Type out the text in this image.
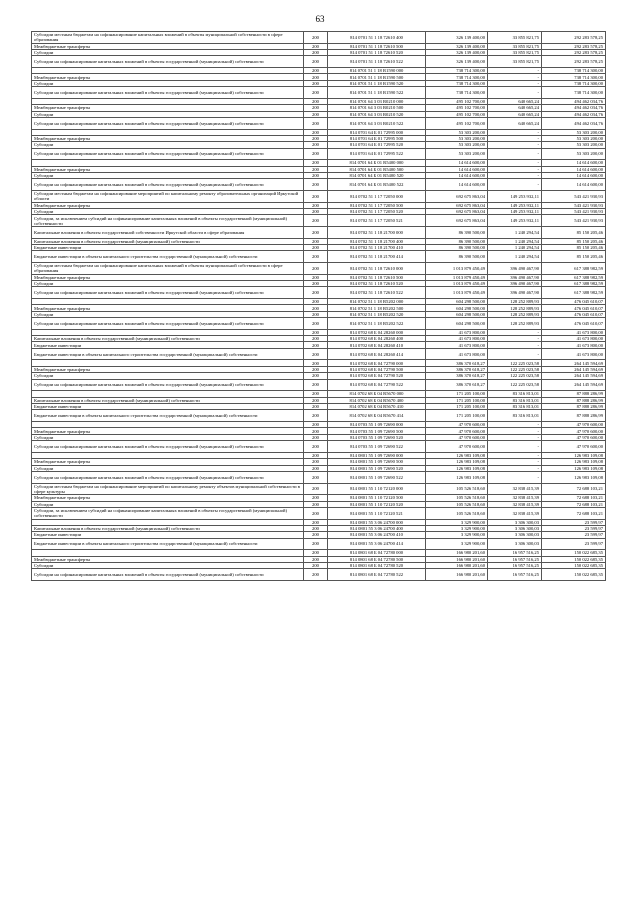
63
Субсидии местным бюджетам на софинансирование капитальных вложений в объекты муниципальной собственности в сфере образования	200	814 0701 51 1 18 72610 400	326 139 400,00	33 855 821,75	292 283 578,25
Межбюджетные трансферты	200	814 0701 51 1 18 72610 500	326 139 400,00	33 855 821,75	292 283 578,25
Субсидии	200	814 0701 51 1 18 72610 520	326 139 400,00	33 855 821,75	292 283 578,25
Субсидии на софинансирование капитальных вложений в объекты государственной (муниципальной) собственности	200	814 0701 51 1 18 72610 522	326 139 400,00	33 855 821,75	292 283 578,25
	200	814 0701 51 1 18 R1590 000	738 714 300,00	-	738 714 300,00
Межбюджетные трансферты	200	814 0701 51 1 18 R1590 500	738 714 300,00	-	738 714 300,00
Субсидии	200	814 0701 51 1 18 R1590 520	738 714 300,00	-	738 714 300,00
Субсидии на софинансирование капитальных вложений в объекты государственной (муниципальной) собственности	200	814 0701 51 1 18 R1590 522	738 714 300,00	-	738 714 300,00
	200	814 0701 64 3 03 R0210 000	495 102 700,00	640 665,24	494 462 034,76
Межбюджетные трансферты	200	814 0701 64 3 03 R0210 500	495 102 700,00	640 665,24	494 462 034,76
Субсидии	200	814 0701 64 3 03 R0210 520	495 102 700,00	640 665,24	494 462 034,76
Субсидии на софинансирование капитальных вложений в объекты государственной (муниципальной) собственности	200	814 0701 64 3 03 R0210 522	495 102 700,00	640 665,24	494 462 034,76
	200	814 0701 64 Б 01 72995 000	53 303 200,00	-	53 303 200,00
Межбюджетные трансферты	200	814 0701 64 Б 01 72995 500	53 303 200,00	-	53 303 200,00
Субсидии	200	814 0701 64 Б 01 72995 520	53 303 200,00	-	53 303 200,00
Субсидии на софинансирование капитальных вложений в объекты государственной (муниципальной) собственности	200	814 0701 64 Б 01 72995 522	53 303 200,00	-	53 303 200,00
	200	814 0701 64 Б 01 R5400 000	14 614 600,00	-	14 614 600,00
Межбюджетные трансферты	200	814 0701 64 Б 01 R5400 500	14 614 600,00	-	14 614 600,00
Субсидии	200	814 0701 64 Б 01 R5400 520	14 614 600,00	-	14 614 600,00
Субсидии на софинансирование капитальных вложений в объекты государственной (муниципальной) собственности	200	814 0701 64 Б 01 R5400 522	14 614 600,00	-	14 614 600,00
Субсидии местным бюджетам на софинансирование мероприятий по капитальному ремонту образовательных организаций Иркутской области	200	814 0702 51 1 17 72050 000	692 675 863,04	149 253 932,11	543 421 930,93
Межбюджетные трансферты	200	814 0702 51 1 17 72050 500	692 675 863,04	149 253 932,11	543 421 930,93
Субсидии	200	814 0702 51 1 17 72050 520	692 675 863,04	149 253 932,11	543 421 930,93
Субсидии, за исключением субсидий на софинансирование капитальных вложений в объекты государственной (муниципальной) собственности	200	814 0702 51 1 17 72050 521	692 675 863,04	149 253 932,11	543 421 930,93
Капитальные вложения в объекты государственной собственности Иркутской области в сфере образования	200	814 0702 51 1 18 21700 000	86 390 500,00	1 240 294,54	85 150 205,46
Капитальные вложения в объекты государственной (муниципальной) собственности	200	814 0702 51 1 18 21700 400	86 390 500,00	1 240 294,54	85 150 205,46
Бюджетные инвестиции	200	814 0702 51 1 18 21700 410	86 390 500,00	1 240 294,54	85 150 205,46
Бюджетные инвестиции в объекты капитального строительства государственной (муниципальной) собственности	200	814 0702 51 1 18 21700 414	86 390 500,00	1 240 294,54	85 150 205,46
Субсидии местным бюджетам на софинансирование капитальных вложений в объекты муниципальной собственности в сфере образования	200	814 0702 51 1 18 72610 000	1 013 879 450,49	396 490 467,90	617 388 982,59
Межбюджетные трансферты	200	814 0702 51 1 18 72610 500	1 013 879 450,49	396 490 467,90	617 388 982,59
Субсидии	200	814 0702 51 1 18 72610 520	1 013 879 450,49	396 490 467,90	617 388 982,59
Субсидии на софинансирование капитальных вложений в объекты государственной (муниципальной) собственности	200	814 0702 51 1 18 72610 522	1 013 879 450,49	396 490 467,90	617 388 982,59
	200	814 0702 51 1 18 R5202 000	604 298 500,00	128 252 889,93	476 045 610,07
Межбюджетные трансферты	200	814 0702 51 1 18 R5202 500	604 298 500,00	128 252 889,93	476 045 610,07
Субсидии	200	814 0702 51 1 18 R5202 520	604 298 500,00	128 252 889,93	476 045 610,07
Субсидии на софинансирование капитальных вложений в объекты государственной (муниципальной) собственности	200	814 0702 51 1 18 R5202 522	604 298 500,00	128 252 889,93	476 045 610,07
	200	814 0702 68 Б 04 28260 000	41 673 800,00	-	41 673 800,00
Капитальные вложения в объекты государственной (муниципальной) собственности	200	814 0702 68 Б 04 28260 400	41 673 800,00	-	41 673 800,00
Бюджетные инвестиции	200	814 0702 68 Б 04 28260 410	41 673 800,00	-	41 673 800,00
Бюджетные инвестиции в объекты капитального строительства государственной (муниципальной) собственности	200	814 0702 68 Б 04 28260 414	41 673 800,00	-	41 673 800,00
	200	814 0702 68 Б 04 72790 000	386 370 618,27	122 225 023,58	264 145 594,69
Межбюджетные трансферты	200	814 0702 68 Б 04 72790 500	386 370 618,27	122 225 023,58	264 145 594,69
Субсидии	200	814 0702 68 Б 04 72790 520	386 370 618,27	122 225 023,58	264 145 594,69
Субсидии на софинансирование капитальных вложений в объекты государственной (муниципальной) собственности	200	814 0702 68 Б 04 72790 522	386 370 618,27	122 225 023,58	264 145 594,69
	200	814 0702 68 Б 04 R5670 000	171 205 100,00	83 316 813,01	87 888 286,99
Капитальные вложения в объекты государственной (муниципальной) собственности	200	814 0702 68 Б 04 R5670 400	171 205 100,00	83 316 813,01	87 888 286,99
Бюджетные инвестиции	200	814 0702 68 Б 04 R5670 410	171 205 100,00	83 316 813,01	87 888 286,99
Бюджетные инвестиции в объекты капитального строительства государственной (муниципальной) собственности	200	814 0702 68 Б 04 R5670 414	171 205 100,00	83 316 813,01	87 888 286,99
	200	814 0703 55 1 09 72690 000	47 970 600,00	-	47 970 600,00
Межбюджетные трансферты	200	814 0703 55 1 09 72690 500	47 970 600,00	-	47 970 600,00
Субсидии	200	814 0703 55 1 09 72690 520	47 970 600,00	-	47 970 600,00
Субсидии на софинансирование капитальных вложений в объекты государственной (муниципальной) собственности	200	814 0703 55 1 09 72690 522	47 970 600,00	-	47 970 600,00
	200	814 0801 55 1 09 72690 000	126 983 109,08	-	126 983 109,08
Межбюджетные трансферты	200	814 0801 55 1 09 72690 500	126 983 109,08	-	126 983 109,08
Субсидии	200	814 0801 55 1 09 72690 520	126 983 109,08	-	126 983 109,08
Субсидии на софинансирование капитальных вложений в объекты государственной (муниципальной) собственности	200	814 0801 55 1 09 72690 522	126 983 109,08	-	126 983 109,08
Субсидии местным бюджетам на софинансирование мероприятий по капитальному ремонту объектов муниципальной собственности в сфере культуры	200	814 0801 55 1 10 72120 000	105 526 518,60	32 838 415,39	72 688 103,21
Межбюджетные трансферты	200	814 0801 55 1 10 72120 500	105 526 518,60	32 838 415,39	72 688 103,21
Субсидии	200	814 0801 55 1 10 72120 520	105 526 518,60	32 838 415,39	72 688 103,21
Субсидии, за исключением субсидий на софинансирование капитальных вложений в объекты государственной (муниципальной) собственности	200	814 0801 55 1 10 72120 521	105 526 518,60	32 838 415,39	72 688 103,21
	200	814 0801 55 3 06 24700 000	3 329 900,00	3 306 300,03	23 599,97
Капитальные вложения в объекты государственной (муниципальной) собственности	200	814 0801 55 3 06 24700 400	3 329 900,00	3 306 300,03	23 599,97
Бюджетные инвестиции	200	814 0801 55 3 06 24700 410	3 329 900,00	3 306 300,03	23 599,97
Бюджетные инвестиции в объекты капитального строительства государственной (муниципальной) собственности	200	814 0801 55 3 06 24700 414	3 329 900,00	3 306 300,03	23 599,97
	200	814 0801 68 Б 04 72780 000	166 980 201,60	16 957 516,25	150 022 685,35
Межбюджетные трансферты	200	814 0801 68 Б 04 72780 500	166 980 201,60	16 957 516,25	150 022 685,35
Субсидии	200	814 0801 68 Б 04 72780 520	166 980 201,60	16 957 516,25	150 022 685,35
Субсидии на софинансирование капитальных вложений в объекты государственной (муниципальной) собственности	200	814 0801 68 Б 04 72780 522	166 980 201,60	16 957 516,25	150 022 685,35
